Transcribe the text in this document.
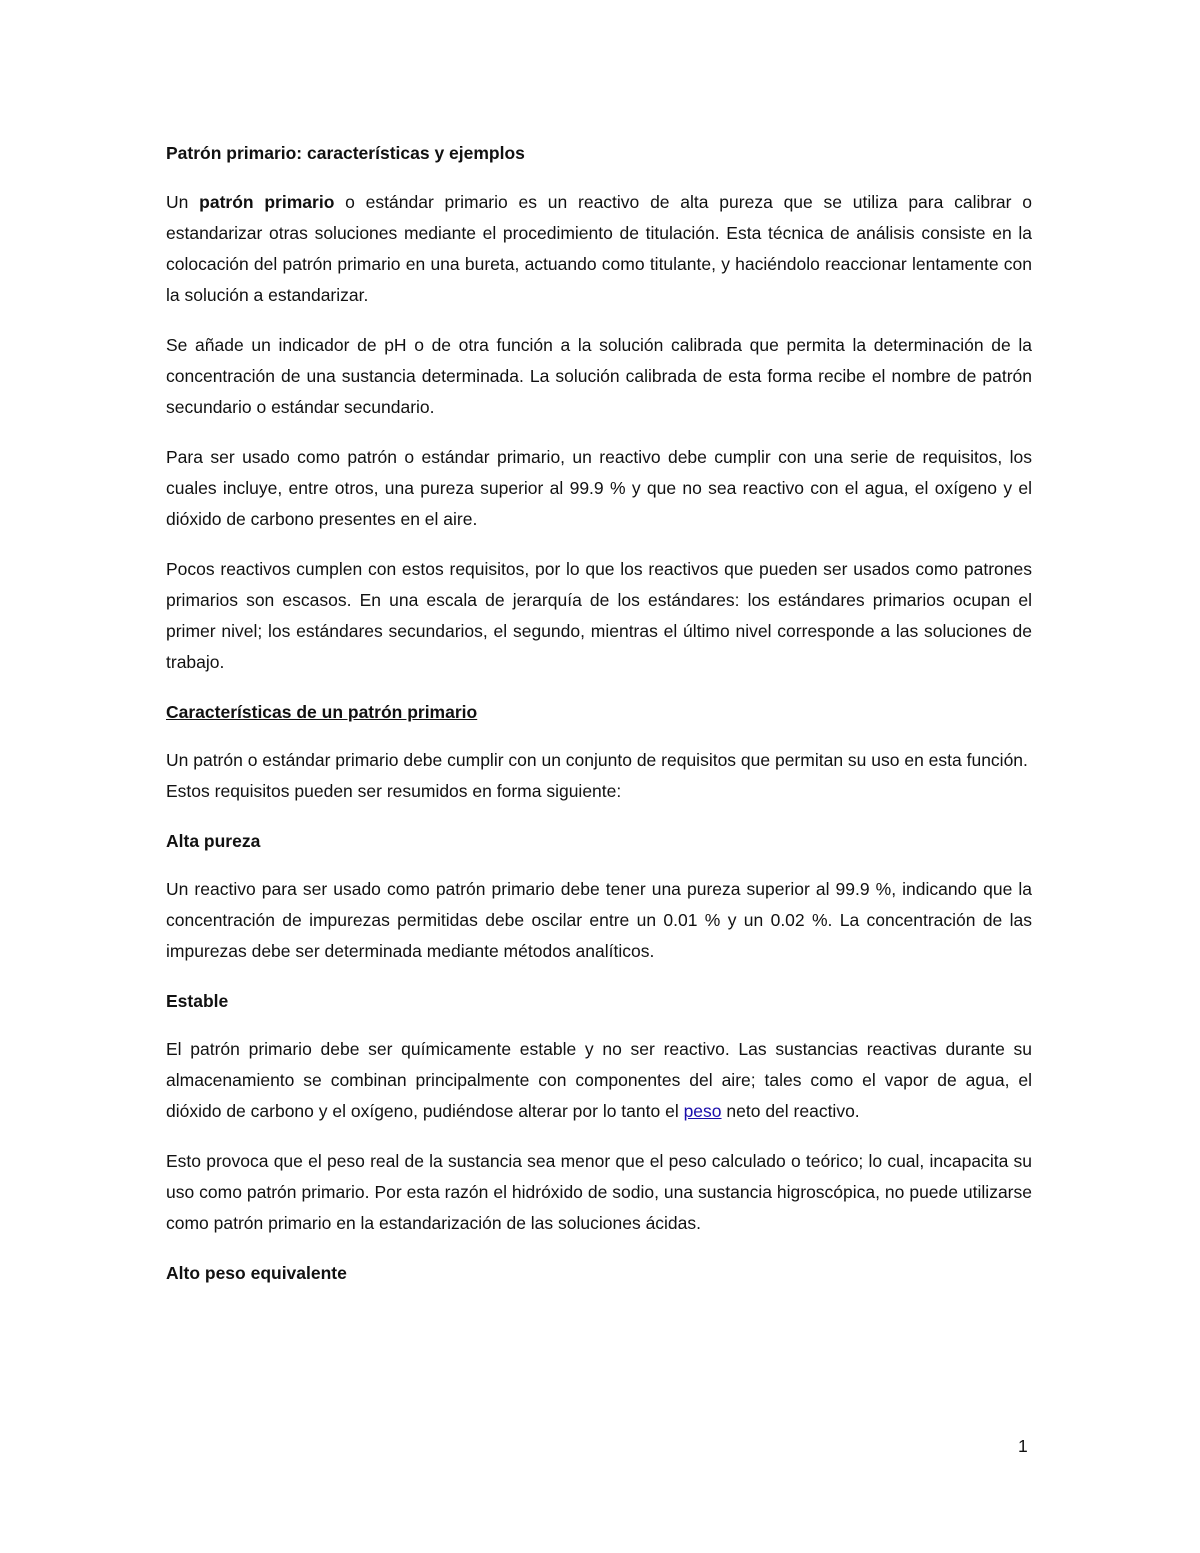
Patrón primario: características y ejemplos

Un patrón primario o estándar primario es un reactivo de alta pureza que se utiliza para calibrar o estandarizar otras soluciones mediante el procedimiento de titulación. Esta técnica de análisis consiste en la colocación del patrón primario en una bureta, actuando como titulante, y haciéndolo reaccionar lentamente con la solución a estandarizar.

Se añade un indicador de pH o de otra función a la solución calibrada que permita la determinación de la concentración de una sustancia determinada. La solución calibrada de esta forma recibe el nombre de patrón secundario o estándar secundario.

Para ser usado como patrón o estándar primario, un reactivo debe cumplir con una serie de requisitos, los cuales incluye, entre otros, una pureza superior al 99.9 % y que no sea reactivo con el agua, el oxígeno y el dióxido de carbono presentes en el aire.

Pocos reactivos cumplen con estos requisitos, por lo que los reactivos que pueden ser usados como patrones primarios son escasos. En una escala de jerarquía de los estándares: los estándares primarios ocupan el primer nivel; los estándares secundarios, el segundo, mientras el último nivel corresponde a las soluciones de trabajo.

Características de un patrón primario

Un patrón o estándar primario debe cumplir con un conjunto de requisitos que permitan su uso en esta función. Estos requisitos pueden ser resumidos en forma siguiente:

Alta pureza

Un reactivo para ser usado como patrón primario debe tener una pureza superior al 99.9 %, indicando que la concentración de impurezas permitidas debe oscilar entre un 0.01 % y un 0.02 %. La concentración de las impurezas debe ser determinada mediante métodos analíticos.

Estable

El patrón primario debe ser químicamente estable y no ser reactivo. Las sustancias reactivas durante su almacenamiento se combinan principalmente con componentes del aire; tales como el vapor de agua, el dióxido de carbono y el oxígeno, pudiéndose alterar por lo tanto el peso neto del reactivo.

Esto provoca que el peso real de la sustancia sea menor que el peso calculado o teórico; lo cual, incapacita su uso como patrón primario. Por esta razón el hidróxido de sodio, una sustancia higroscópica, no puede utilizarse como patrón primario en la estandarización de las soluciones ácidas.

Alto peso equivalente
1
